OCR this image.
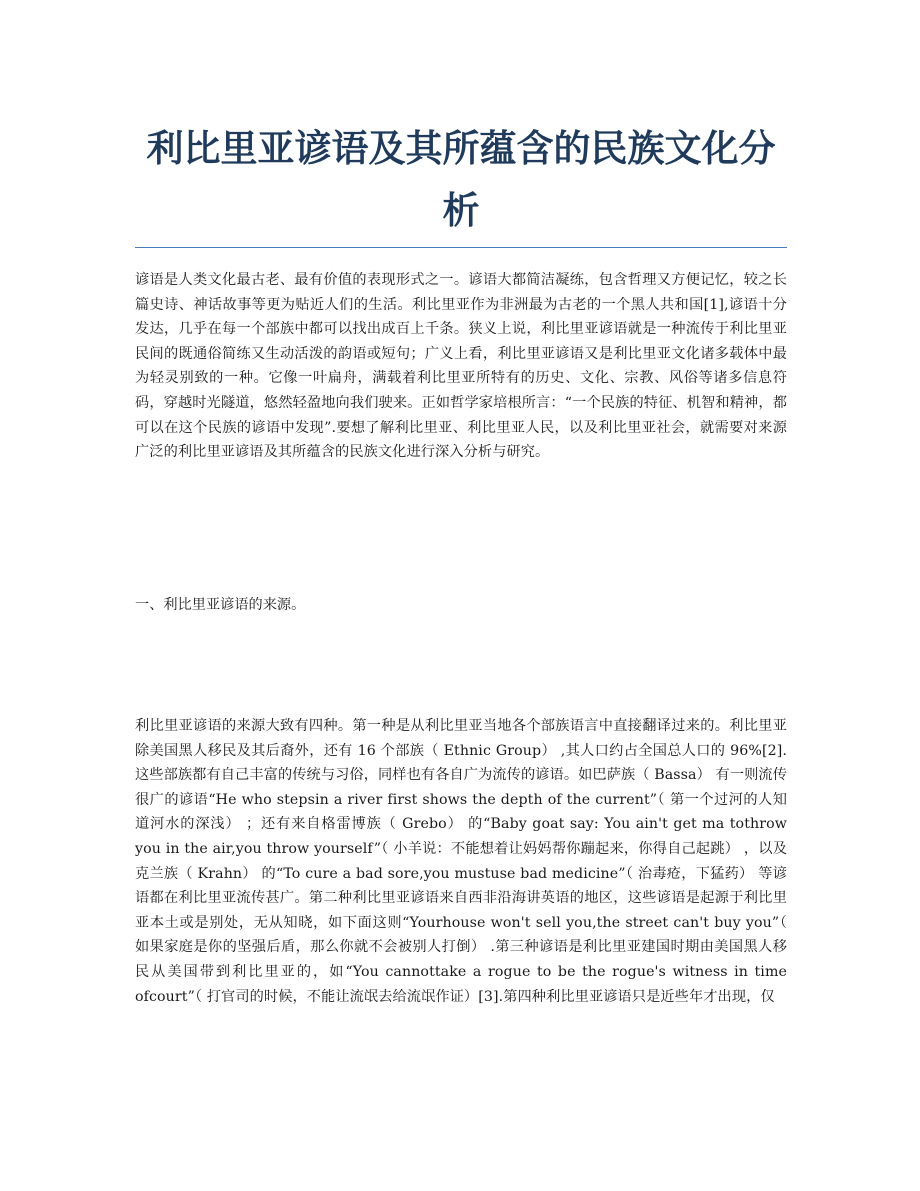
利比里亚谚语及其所蕴含的民族文化分析

谚语是人类文化最古老、最有价值的表现形式之一。谚语大都简洁凝练，包含哲理又方便记忆，较之长篇史诗、神话故事等更为贴近人们的生活。利比里亚作为非洲最为古老的一个黑人共和国[1],谚语十分发达，几乎在每一个部族中都可以找出成百上千条。狭义上说，利比里亚谚语就是一种流传于利比里亚民间的既通俗简练又生动活泼的韵语或短句；广义上看，利比里亚谚语又是利比里亚文化诸多载体中最为轻灵别致的一种。它像一叶扁舟，满载着利比里亚所特有的历史、文化、宗教、风俗等诸多信息符码，穿越时光隧道，悠然轻盈地向我们驶来。正如哲学家培根所言：“一个民族的特征、机智和精神，都可以在这个民族的谚语中发现”.要想了解利比里亚、利比里亚人民，以及利比里亚社会，就需要对来源广泛的利比里亚谚语及其所蕴含的民族文化进行深入分析与研究。

一、利比里亚谚语的来源。

利比里亚谚语的来源大致有四种。第一种是从利比里亚当地各个部族语言中直接翻译过来的。利比里亚除美国黑人移民及其后裔外，还有 16 个部族（ Ethnic Group） ,其人口约占全国总人口的 96%[2].这些部族都有自己丰富的传统与习俗，同样也有各自广为流传的谚语。如巴萨族（ Bassa） 有一则流传很广的谚语“He who stepsin a river first shows the depth of the current”（ 第一个过河的人知道河水的深浅） ；还有来自格雷博族（ Grebo） 的“Baby goat say: You ain't get ma tothrow you in the air,you throw yourself”（ 小羊说：不能想着让妈妈帮你蹦起来，你得自己起跳） ，以及克兰族（ Krahn） 的“To cure a bad sore,you mustuse bad medicine”（ 治毒疮，下猛药） 等谚语都在利比里亚流传甚广。第二种利比里亚谚语来自西非沿海讲英语的地区，这些谚语是起源于利比里亚本土或是别处，无从知晓，如下面这则“Yourhouse won't sell you,the street can't buy you”（ 如果家庭是你的坚强后盾，那么你就不会被别人打倒） .第三种谚语是利比里亚建国时期由美国黑人移民从美国带到利比里亚的，如“You cannottake a rogue to be the rogue's witness in time ofcourt”（ 打官司的时候，不能让流氓去给流氓作证）[3].第四种利比里亚谚语只是近些年才出现，仅
